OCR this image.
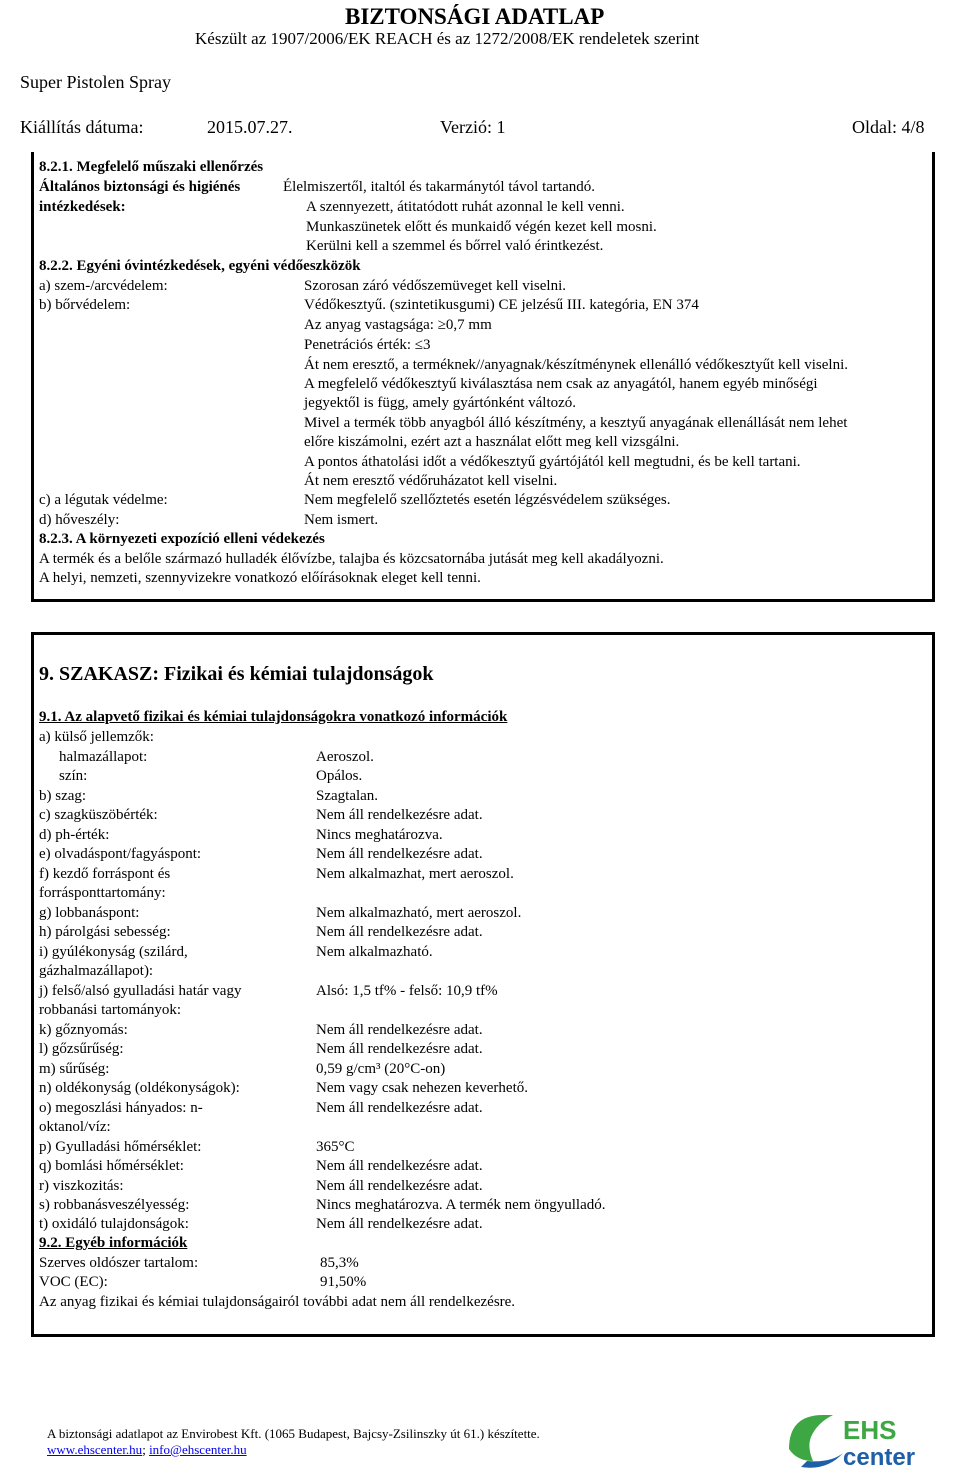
BIZTONSÁGI ADATLAP
Készült az 1907/2006/EK REACH és az 1272/2008/EK rendeletek szerint
Super Pistolen Spray
Kiállítás dátuma:	2015.07.27.	Verzió: 1	Oldal: 4/8
8.2.1. Megfelelő műszaki ellenőrzés
Általános biztonsági és higiénés
intézkedések:
Élelmiszertől, italtól és takarmánytól távol tartandó.
A szennyezett, átitatódott ruhát azonnal le kell venni.
Munkaszünetek előtt és munkaidő végén kezet kell mosni.
Kerülni kell a szemmel és bőrrel való érintkezést.
8.2.2. Egyéni óvintézkedések, egyéni védőeszközök
a) szem-/arcvédelem:	Szorosan záró védőszemüveget kell viselni.
b) bőrvédelem:	Védőkesztyű. (szintetikusgumi) CE jelzésű III. kategória, EN 374
Az anyag vastagsága: ≥0,7 mm
Penetrációs érték: ≤3
Át nem eresztő, a terméknek//anyagnak/készítménynek ellenálló védőkesztyűt kell viselni.
A megfelelő védőkesztyű kiválasztása nem csak az anyagától, hanem egyéb minőségi
jegyektől is függ, amely gyártónként változó.
Mivel a termék több anyagból álló készítmény, a kesztyű anyagának ellenállását nem lehet
előre kiszámolni, ezért azt a használat előtt meg kell vizsgálni.
A pontos áthatolási időt a védőkesztyű gyártójától kell megtudni, és be kell tartani.
Át nem eresztő védőruházatot kell viselni.
c) a légutak védelme:	Nem megfelelő szellőztetés esetén légzésvédelem szükséges.
d) hőveszély:	Nem ismert.
8.2.3. A környezeti expozíció elleni védekezés
A termék és a belőle származó hulladék élővízbe, talajba és közcsatornába jutását meg kell akadályozni.
A helyi, nemzeti, szennyvizekre vonatkozó előírásoknak eleget kell tenni.
9. SZAKASZ: Fizikai és kémiai tulajdonságok
9.1. Az alapvető fizikai és kémiai tulajdonságokra vonatkozó információk
a) külső jellemzők:
halmazállapot:	Aeroszol.
szín:	Opálos.
b) szag:	Szagtalan.
c) szagküszöbérték:	Nem áll rendelkezésre adat.
d) ph-érték:	Nincs meghatározva.
e) olvadáspont/fagyáspont:	Nem áll rendelkezésre adat.
f) kezdő forráspont és
forrásponttartomány:
Nem alkalmazhat, mert aeroszol.
g) lobbanáspont:	Nem alkalmazható, mert aeroszol.
h) párolgási sebesség:	Nem áll rendelkezésre adat.
i) gyúlékonyság (szilárd,
gázhalmazállapot):
Nem alkalmazható.
j) felső/alsó gyulladási határ vagy
robbanási tartományok:
Alsó: 1,5 tf% - felső: 10,9 tf%
k) gőznyomás:	Nem áll rendelkezésre adat.
l) gőzsűrűség:	Nem áll rendelkezésre adat.
m) sűrűség:	0,59 g/cm³ (20°C-on)
n) oldékonyság (oldékonyságok):	Nem vagy csak nehezen keverhető.
o) megoszlási hányados: n-
oktanol/víz:
Nem áll rendelkezésre adat.
p) Gyulladási hőmérséklet:	365°C
q) bomlási hőmérséklet:	Nem áll rendelkezésre adat.
r) viszkozitás:	Nem áll rendelkezésre adat.
s) robbanásveszélyesség:	Nincs meghatározva. A termék nem öngyulladó.
t) oxidáló tulajdonságok:	Nem áll rendelkezésre adat.
9.2. Egyéb információk
Szerves oldószer tartalom:	85,3%
VOC (EC):	91,50%
Az anyag fizikai és kémiai tulajdonságairól további adat nem áll rendelkezésre.
A biztonsági adatlapot az Envirobest Kft. (1065 Budapest, Bajcsy-Zsilinszky út 61.) készítette.
www.ehscenter.hu; info@ehscenter.hu
EHS
center
